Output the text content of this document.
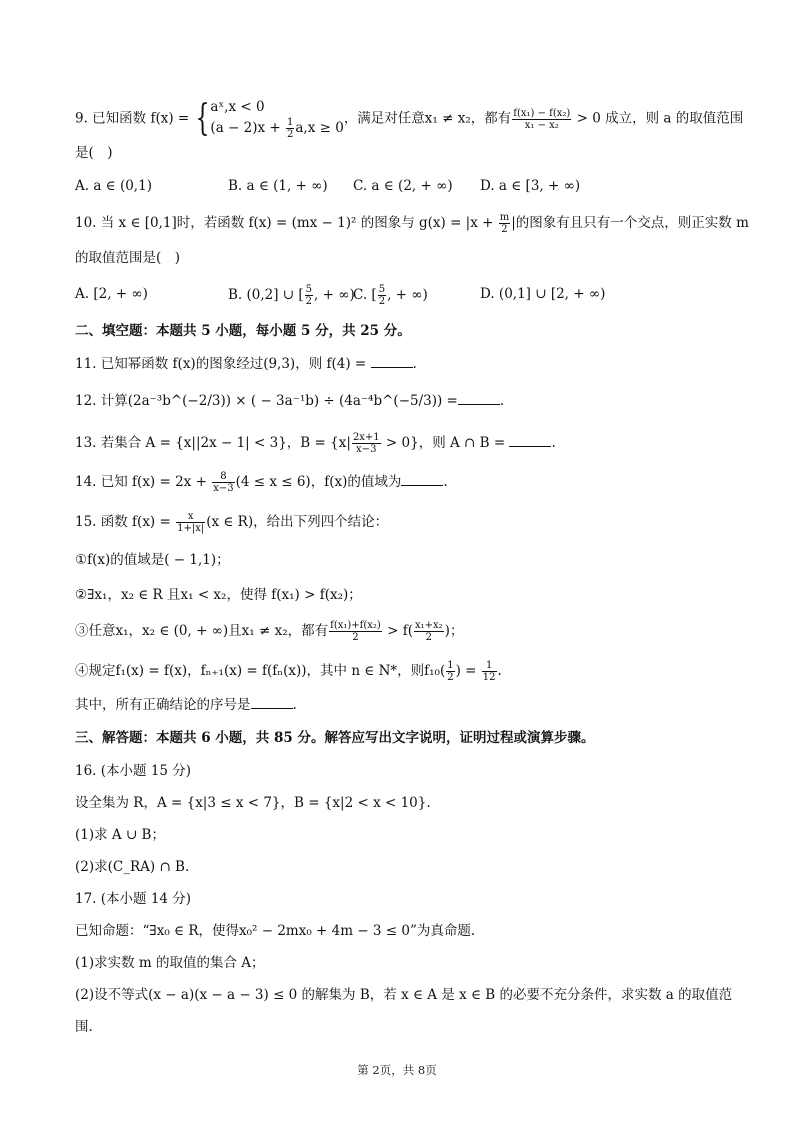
9. 已知函数 f(x) = { aˣ,x < 0
$(a - 2)x + \frac{1}{2} a,x \ge 0$
，满足对任意x₁ ≠ x₂，都有 $\frac{\text{f(x₁) − f(x₂)}}{\text{x₁ − x₂}} > 0$ 成立，则 a 的取值范围
是(　)
A. a ∈ (0,1)	B. a ∈ (1, + ∞) C. a ∈ (2, + ∞) D. a ∈ [3, + ∞)
10. 当 x ∈ [0,1]时，若函数 f(x) = (mx − 1)² 的图象与 $g(x) = |x + \frac{m}{2}$ |的图象有且只有一个交点，则正实数 m
的取值范围是(　)
A. [2, + ∞)	B. (0,2] ∪ [ $\frac{5}{2}$ , + ∞)
C. [ $\frac{5}{2}$ , + ∞)	D. (0,1] ∪ [2, + ∞)
二、填空题：本题共 5 小题，每小题 5 分，共 25 分。
11. 已知幂函数 f(x)的图象经过(9,3)，则 f(4) =	.
12. 计算(2a⁻³b^(−2/3)) × ( − 3a⁻¹b) ÷ (4a⁻⁴b^(−5/3)) =	.
13. 若集合 A = {x||2x − 1| < 3}，$B = \{x| \frac{2x+1}{x-3} > 0\}$，则 A ∩ B =	.
14. 已知 $f(x) = 2x + \frac{8}{x-3} (4 \le x \le 6)$，f(x)的值域为	.
15. 函数 $f(x) = \frac{x}{1+|x|} (x$ ∈ R)，给出下列四个结论：
①f(x)的值域是( − 1,1)；
②∃x₁，x₂ ∈ R 且x₁ < x₂，使得 f(x₁) > f(x₂)；
③任意x₁，x₂ ∈ (0, + ∞)且x₁ ≠ x₂，都有 $\frac{\text{f(x₁)+f(x₂)}}{2} > f( \frac{\text{x₁+x₂}}{2}$ )；
④规定f₁(x) = f(x)，fₙ₊₁(x) = f(fₙ(x))，其中 n ∈ N*，则$f_{10}( \frac{1}{2}$ ) = $\frac{1}{12}$ .
其中，所有正确结论的序号是	.
三、解答题：本题共 6 小题，共 85 分。解答应写出文字说明，证明过程或演算步骤。
16. (本小题 15 分)
设全集为 R，A = {x|3 ≤ x < 7}，B = {x|2 < x < 10}.
(1)求 A ∪ B；
(2)求(C_RA) ∩ B.
17. (本小题 14 分)
已知命题：“∃x₀ ∈ R，使得x₀² − 2mx₀ + 4m − 3 ≤ 0”为真命题.
(1)求实数 m 的取值的集合 A；
(2)设不等式(x − a)(x − a − 3) ≤ 0 的解集为 B，若 x ∈ A 是 x ∈ B 的必要不充分条件，求实数 a 的取值范
围.
第 2页，共 8页
